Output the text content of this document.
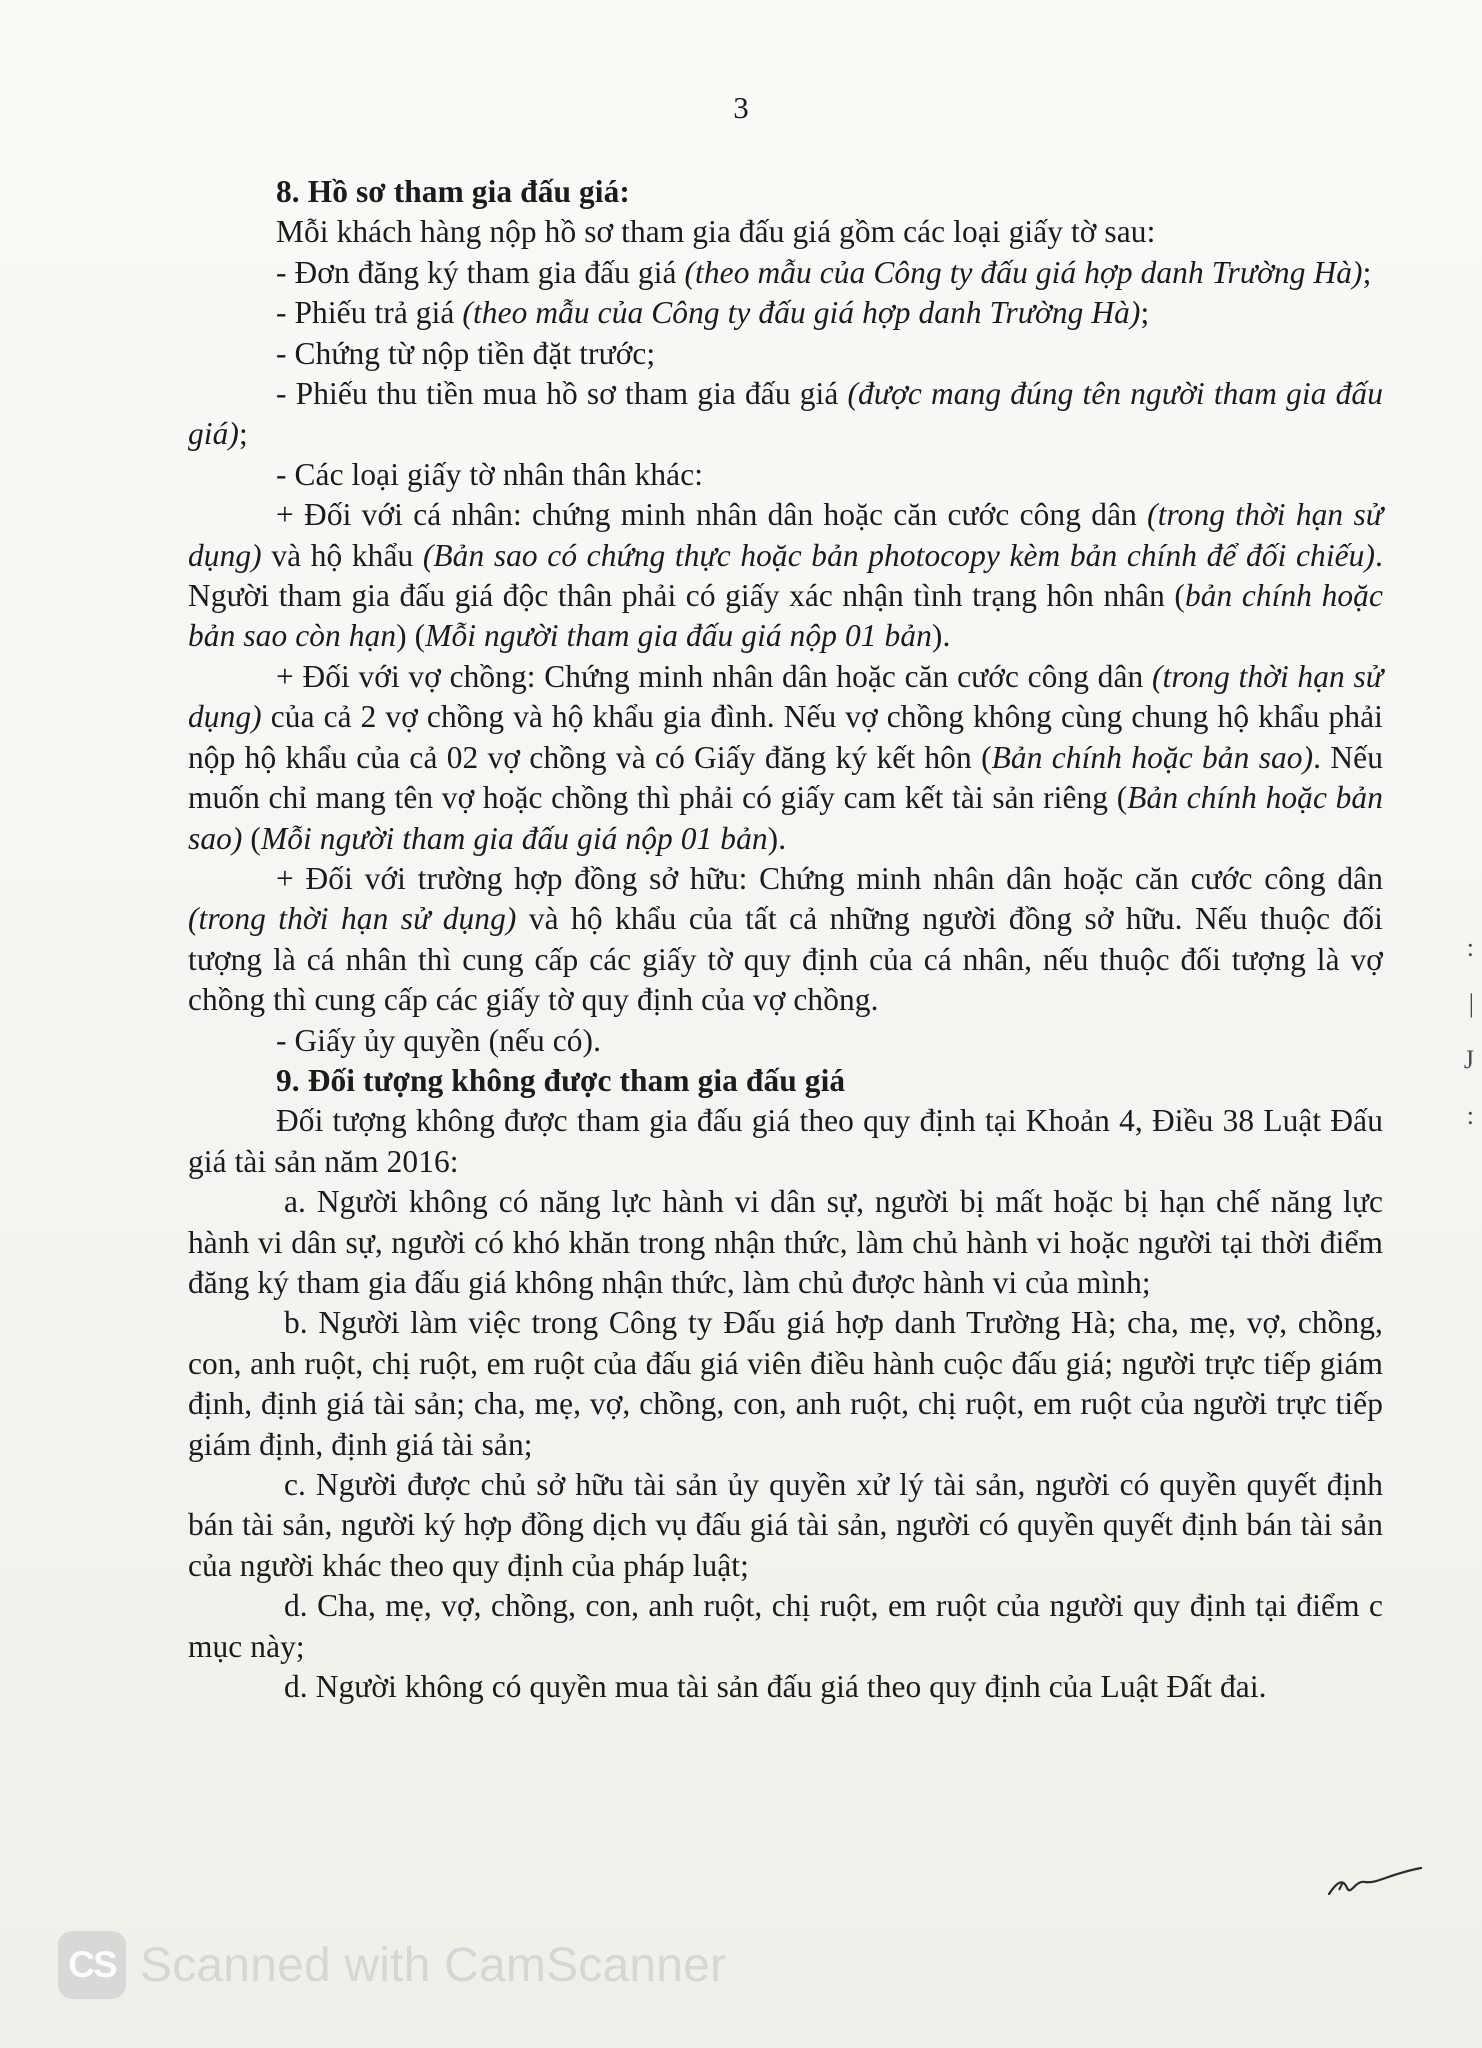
3

8. Hồ sơ tham gia đấu giá:

Mỗi khách hàng nộp hồ sơ tham gia đấu giá gồm các loại giấy tờ sau:

- Đơn đăng ký tham gia đấu giá (theo mẫu của Công ty đấu giá hợp danh Trường Hà);

- Phiếu trả giá (theo mẫu của Công ty đấu giá hợp danh Trường Hà);

- Chứng từ nộp tiền đặt trước;

- Phiếu thu tiền mua hồ sơ tham gia đấu giá (được mang đúng tên người tham gia đấu giá);

- Các loại giấy tờ nhân thân khác:

+ Đối với cá nhân: chứng minh nhân dân hoặc căn cước công dân (trong thời hạn sử dụng) và hộ khẩu (Bản sao có chứng thực hoặc bản photocopy kèm bản chính để đối chiếu). Người tham gia đấu giá độc thân phải có giấy xác nhận tình trạng hôn nhân (bản chính hoặc bản sao còn hạn) (Mỗi người tham gia đấu giá nộp 01 bản).

+ Đối với vợ chồng: Chứng minh nhân dân hoặc căn cước công dân (trong thời hạn sử dụng) của cả 2 vợ chồng và hộ khẩu gia đình. Nếu vợ chồng không cùng chung hộ khẩu phải nộp hộ khẩu của cả 02 vợ chồng và có Giấy đăng ký kết hôn (Bản chính hoặc bản sao). Nếu muốn chỉ mang tên vợ hoặc chồng thì phải có giấy cam kết tài sản riêng (Bản chính hoặc bản sao) (Mỗi người tham gia đấu giá nộp 01 bản).

+ Đối với trường hợp đồng sở hữu: Chứng minh nhân dân hoặc căn cước công dân (trong thời hạn sử dụng) và hộ khẩu của tất cả những người đồng sở hữu. Nếu thuộc đối tượng là cá nhân thì cung cấp các giấy tờ quy định của cá nhân, nếu thuộc đối tượng là vợ chồng thì cung cấp các giấy tờ quy định của vợ chồng.

- Giấy ủy quyền (nếu có).

9. Đối tượng không được tham gia đấu giá

Đối tượng không được tham gia đấu giá theo quy định tại Khoản 4, Điều 38 Luật Đấu giá tài sản năm 2016:

a. Người không có năng lực hành vi dân sự, người bị mất hoặc bị hạn chế năng lực hành vi dân sự, người có khó khăn trong nhận thức, làm chủ hành vi hoặc người tại thời điểm đăng ký tham gia đấu giá không nhận thức, làm chủ được hành vi của mình;

b. Người làm việc trong Công ty Đấu giá hợp danh Trường Hà; cha, mẹ, vợ, chồng, con, anh ruột, chị ruột, em ruột của đấu giá viên điều hành cuộc đấu giá; người trực tiếp giám định, định giá tài sản; cha, mẹ, vợ, chồng, con, anh ruột, chị ruột, em ruột của người trực tiếp giám định, định giá tài sản;

c. Người được chủ sở hữu tài sản ủy quyền xử lý tài sản, người có quyền quyết định bán tài sản, người ký hợp đồng dịch vụ đấu giá tài sản, người có quyền quyết định bán tài sản của người khác theo quy định của pháp luật;

d. Cha, mẹ, vợ, chồng, con, anh ruột, chị ruột, em ruột của người quy định tại điểm c mục này;

d. Người không có quyền mua tài sản đấu giá theo quy định của Luật Đất đai.

:
|
J
:
CS Scanned with CamScanner
